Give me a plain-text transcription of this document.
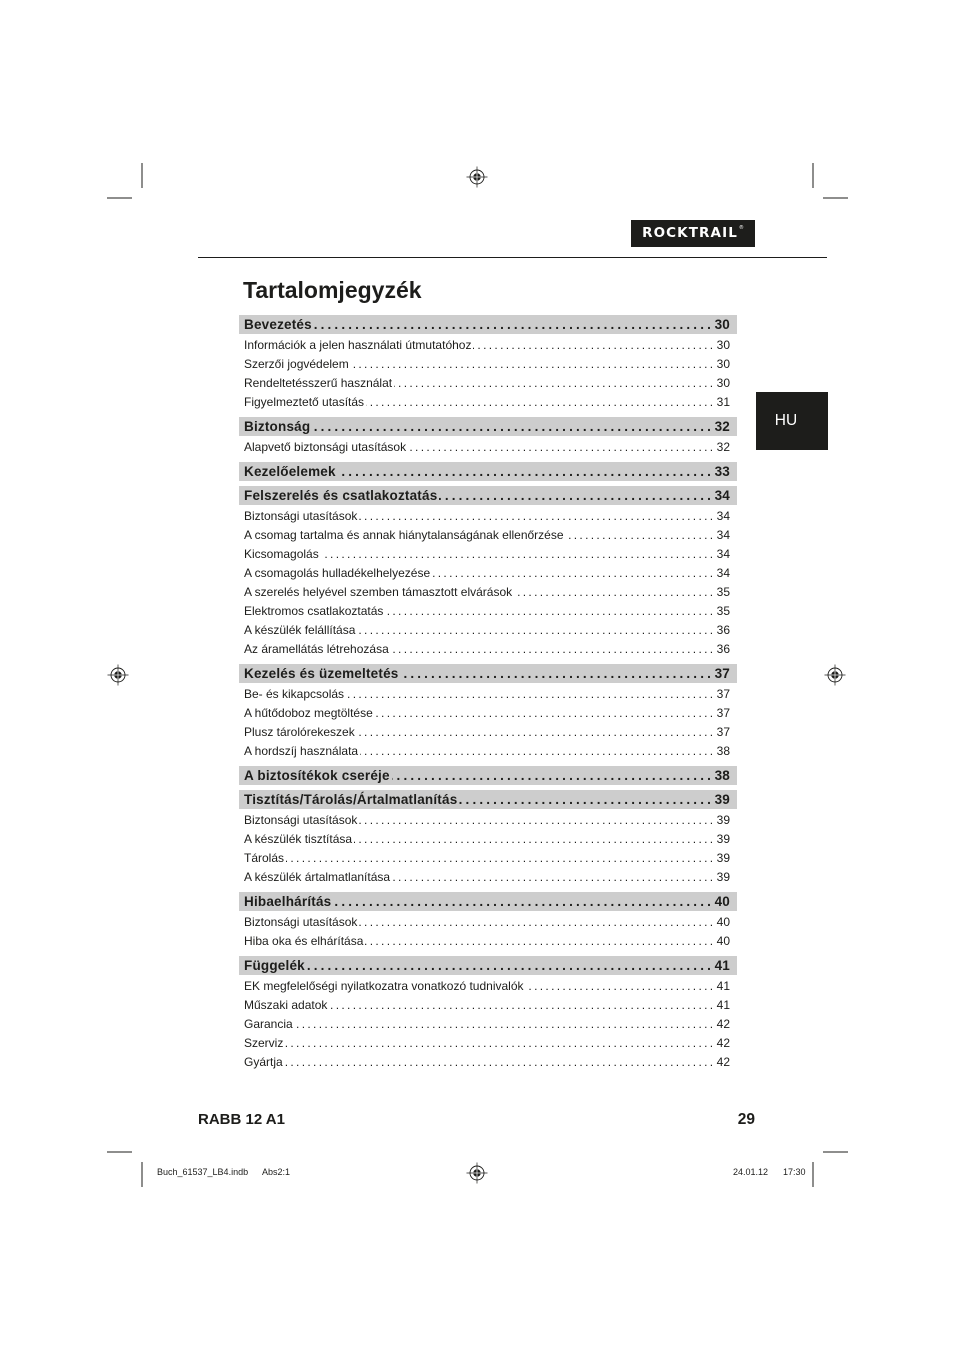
ROCKTRAIL ®
Tartalomjegyzék
HU
Bevezetés . . .	30
Információk a jelen használati útmutatóhoz . . .	30
Szerzői jogvédelem . . .	30
Rendeltetésszerű használat . . .	30
Figyelmeztető utasítás . . .	31
Biztonság . . .	32
Alapvető biztonsági utasítások . . .	32
Kezelőelemek . . .	33
Felszerelés és csatlakoztatás . . .	34
Biztonsági utasítások . . .	34
A csomag tartalma és annak hiánytalanságának ellenőrzése . . .	34
Kicsomagolás . . .	34
A csomagolás hulladékelhelyezése . . .	34
A szerelés helyével szemben támasztott elvárások . . .	35
Elektromos csatlakoztatás . . .	35
A készülék felállítása . . .	36
Az áramellátás létrehozása . . .	36
Kezelés és üzemeltetés . . .	37
Be- és kikapcsolás . . .	37
A hűtődoboz megtöltése . . .	37
Plusz tárolórekeszek . . .	37
A hordszíj használata . . .	38
A biztosítékok cseréje . . .	38
Tisztítás/Tárolás/Ártalmatlanítás . . .	39
Biztonsági utasítások . . .	39
A készülék tisztítása . . .	39
Tárolás . . .	39
A készülék ártalmatlanítása . . .	39
Hibaelhárítás . . .	40
Biztonsági utasítások . . .	40
Hiba oka és elhárítása . . .	40
Függelék . . .	41
EK megfelelőségi nyilatkozatra vonatkozó tudnivalók . . .	41
Műszaki adatok . . .	41
Garancia . . .	42
Szerviz . . .	42
Gyártja . . .	42
RABB 12 A1	29
Buch_61537_LB4.indb Abs2:1	24.01.12 17:30
